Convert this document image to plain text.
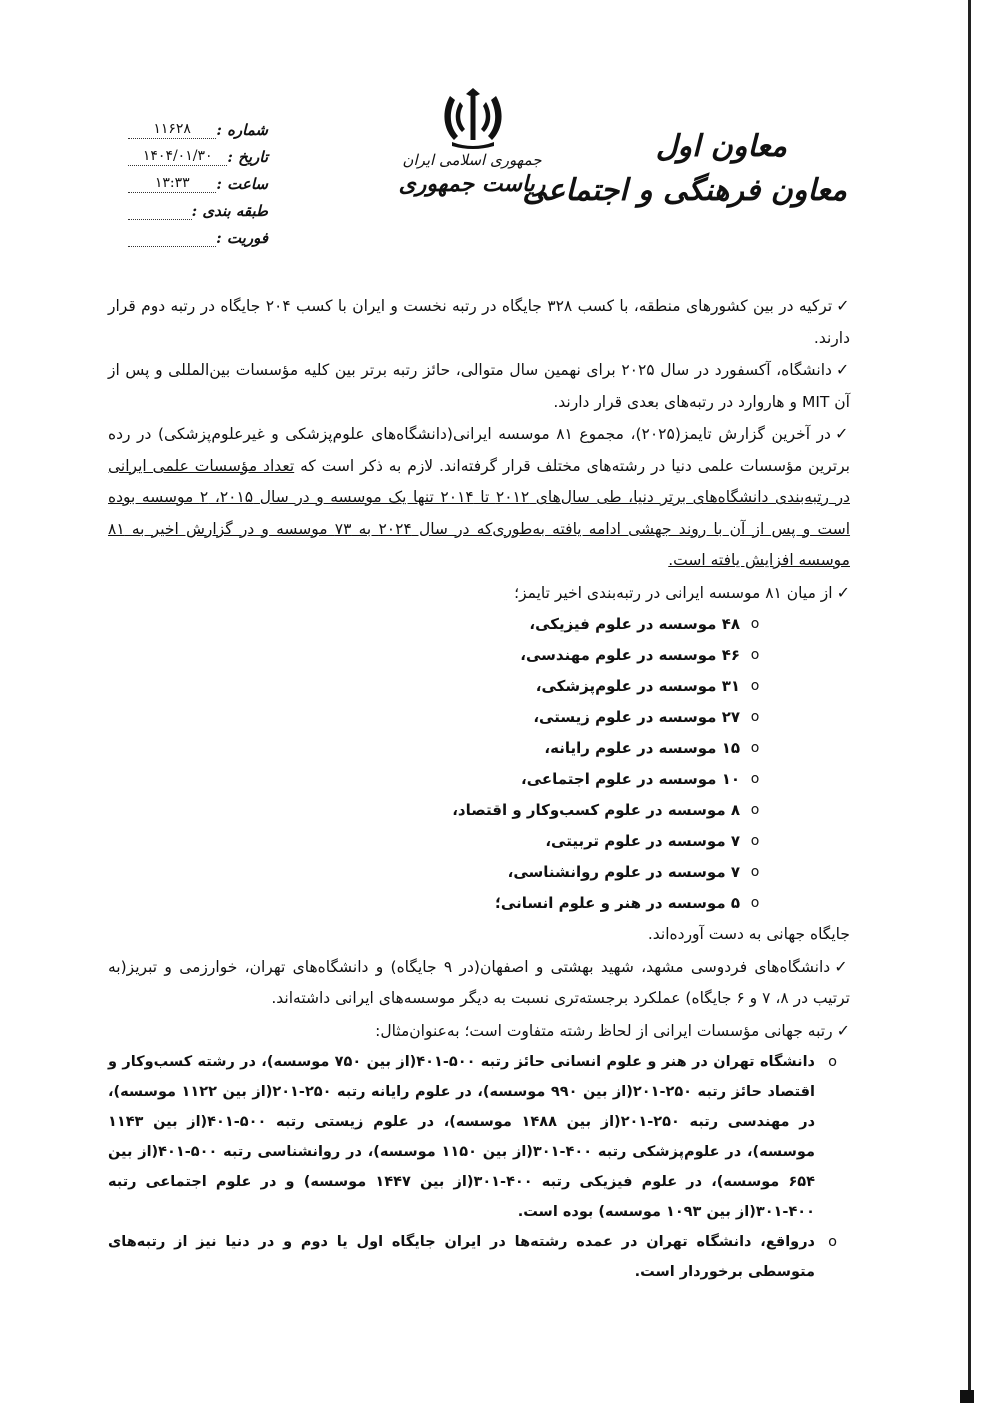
جمهوری اسلامی ایران
ریاست جمهوری
معاون اول
معاون فرهنگی و اجتماعی
شماره :
۱۱۶۲۸
تاریخ :
۱۴۰۴/۰۱/۳۰
ساعت :
۱۳:۳۳
طبقه بندی :
فوریت :

✓ترکیه در بین کشورهای منطقه، با کسب ۳۲۸ جایگاه در رتبه نخست و ایران با کسب ۲۰۴ جایگاه در رتبه دوم قرار دارند.

✓دانشگاه، آکسفورد در سال ۲۰۲۵ برای نهمین سال متوالی، حائز رتبه برتر بین کلیه مؤسسات بین‌المللی و پس از آن MIT و هاروارد در رتبه‌های بعدی قرار دارند.

✓در آخرین گزارش تایمز(۲۰۲۵)، مجموع ۸۱ موسسه ایرانی(دانشگاه‌های علوم‌پزشکی و غیرعلوم‌پزشکی) در رده برترین مؤسسات علمی دنیا در رشته‌های مختلف قرار گرفته‌اند. لازم به ذکر است که تعداد مؤسسات علمی ایرانی در رتبه‌بندی دانشگاه‌های برتر دنیا، طی سال‌های ۲۰۱۲ تا ۲۰۱۴ تنها یک موسسه و در سال ۲۰۱۵، ۲ موسسه بوده است و پس از آن با روند جهشی ادامه یافته به‌طوری‌که در سال ۲۰۲۴ به ۷۳ موسسه و در گزارش اخیر به ۸۱ موسسه افزایش یافته است.

✓از میان ۸۱ موسسه ایرانی در رتبه‌بندی اخیر تایمز؛

o
۴۸ موسسه در علوم فیزیکی،
o
۴۶ موسسه در علوم مهندسی،
o
۳۱ موسسه در علوم‌پزشکی،
o
۲۷ موسسه در علوم زیستی،
o
۱۵ موسسه در علوم رایانه،
o
۱۰ موسسه در علوم اجتماعی،
o
۸ موسسه در علوم کسب‌وکار و اقتصاد،
o
۷ موسسه در علوم تربیتی،
o
۷ موسسه در علوم روانشناسی،
o
۵ موسسه در هنر و علوم انسانی؛

جایگاه جهانی به دست آورده‌اند.

✓دانشگاه‌های فردوسی مشهد، شهید بهشتی و اصفهان(در ۹ جایگاه) و دانشگاه‌های تهران، خوارزمی و تبریز(به ترتیب در ۸، ۷ و ۶ جایگاه) عملکرد برجسته‌تری نسبت به دیگر موسسه‌های ایرانی داشته‌اند.

✓رتبه جهانی مؤسسات ایرانی از لحاظ رشته متفاوت است؛ به‌عنوان‌مثال:

o
دانشگاه تهران در هنر و علوم انسانی حائز رتبه ۵۰۰-۴۰۱(از بین ۷۵۰ موسسه)، در رشته کسب‌وکار و اقتصاد حائز رتبه ۲۵۰-۲۰۱(از بین ۹۹۰ موسسه)، در علوم رایانه رتبه ۲۵۰-۲۰۱(از بین ۱۱۲۲ موسسه)، در مهندسی رتبه ۲۵۰-۲۰۱(از بین ۱۴۸۸ موسسه)، در علوم زیستی رتبه ۵۰۰-۴۰۱(از بین ۱۱۴۳ موسسه)، در علوم‌پزشکی رتبه ۴۰۰-۳۰۱(از بین ۱۱۵۰ موسسه)، در روانشناسی رتبه ۵۰۰-۴۰۱(از بین ۶۵۴ موسسه)، در علوم فیزیکی رتبه ۴۰۰-۳۰۱(از بین ۱۴۴۷ موسسه) و در علوم اجتماعی رتبه ۴۰۰-۳۰۱(از بین ۱۰۹۳ موسسه) بوده است.
o
درواقع، دانشگاه تهران در عمده رشته‌ها در ایران جایگاه اول یا دوم و در دنیا نیز از رتبه‌های متوسطی برخوردار است.
